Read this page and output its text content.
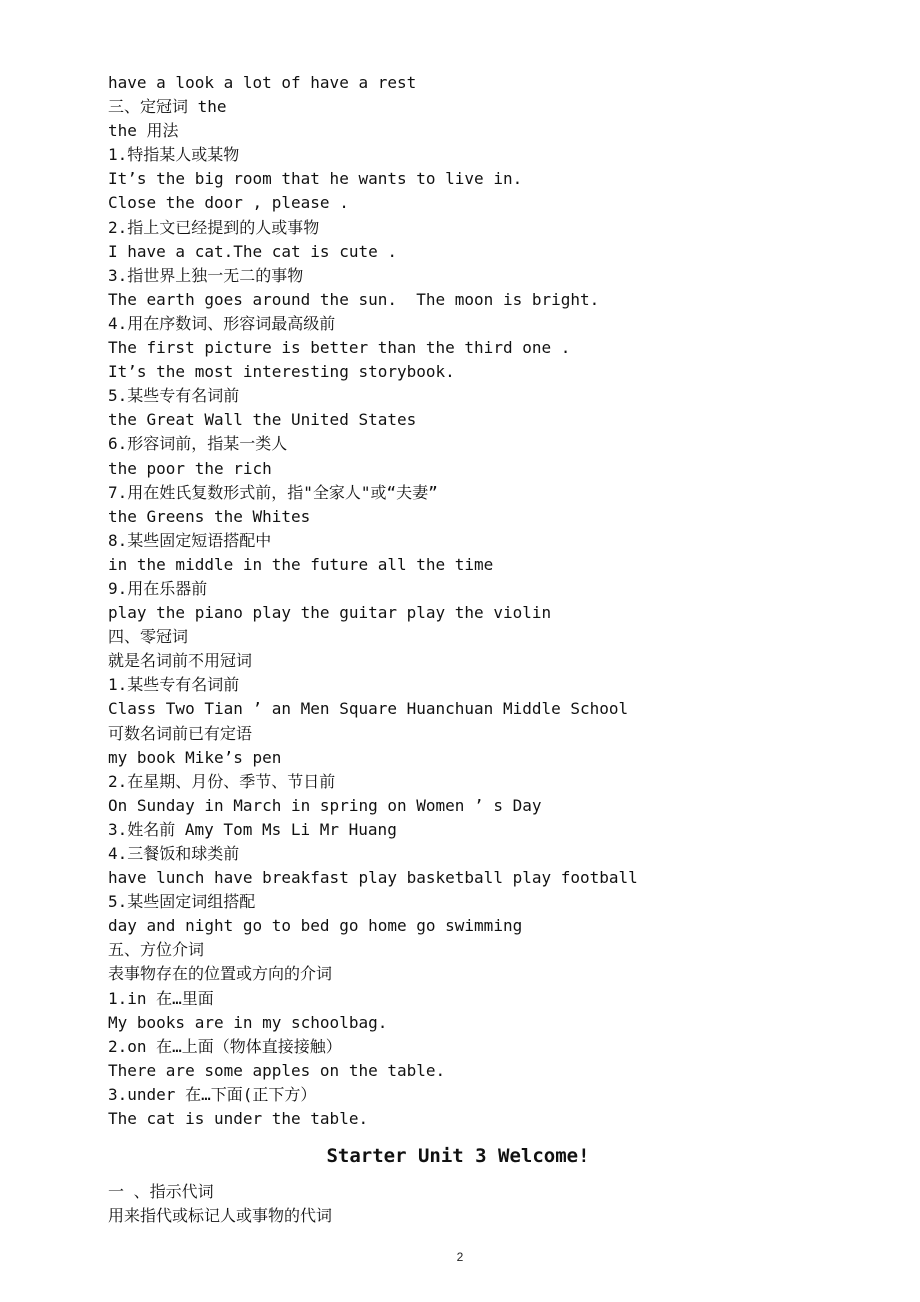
have a look a lot of have a rest
三、定冠词 the
the 用法
1.特指某人或某物
It’s the big room that he wants to live in.
Close the door , please .
2.指上文已经提到的人或事物
I have a cat.The cat is cute .
3.指世界上独一无二的事物
The earth goes around the sun.  The moon is bright.
4.用在序数词、形容词最高级前
The first picture is better than the third one .
It’s the most interesting storybook.
5.某些专有名词前
the Great Wall the United States
6.形容词前，指某一类人
the poor the rich
7.用在姓氏复数形式前，指"全家人"或“夫妻”
the Greens the Whites
8.某些固定短语搭配中
in the middle in the future all the time
9.用在乐器前
play the piano play the guitar play the violin
四、零冠词
就是名词前不用冠词
1.某些专有名词前
Class Two Tian ’ an Men Square Huanchuan Middle School
可数名词前已有定语
my book Mike’s pen
2.在星期、月份、季节、节日前
On Sunday in March in spring on Women ’ s Day
3.姓名前 Amy Tom Ms Li Mr Huang
4.三餐饭和球类前
have lunch have breakfast play basketball play football
5.某些固定词组搭配
day and night go to bed go home go swimming
五、方位介词
表事物存在的位置或方向的介词
1.in 在…里面
My books are in my schoolbag.
2.on 在…上面（物体直接接触）
There are some apples on the table.
3.under 在…下面(正下方）
The cat is under the table.
Starter Unit 3 Welcome!
一 、指示代词
用来指代或标记人或事物的代词
2
